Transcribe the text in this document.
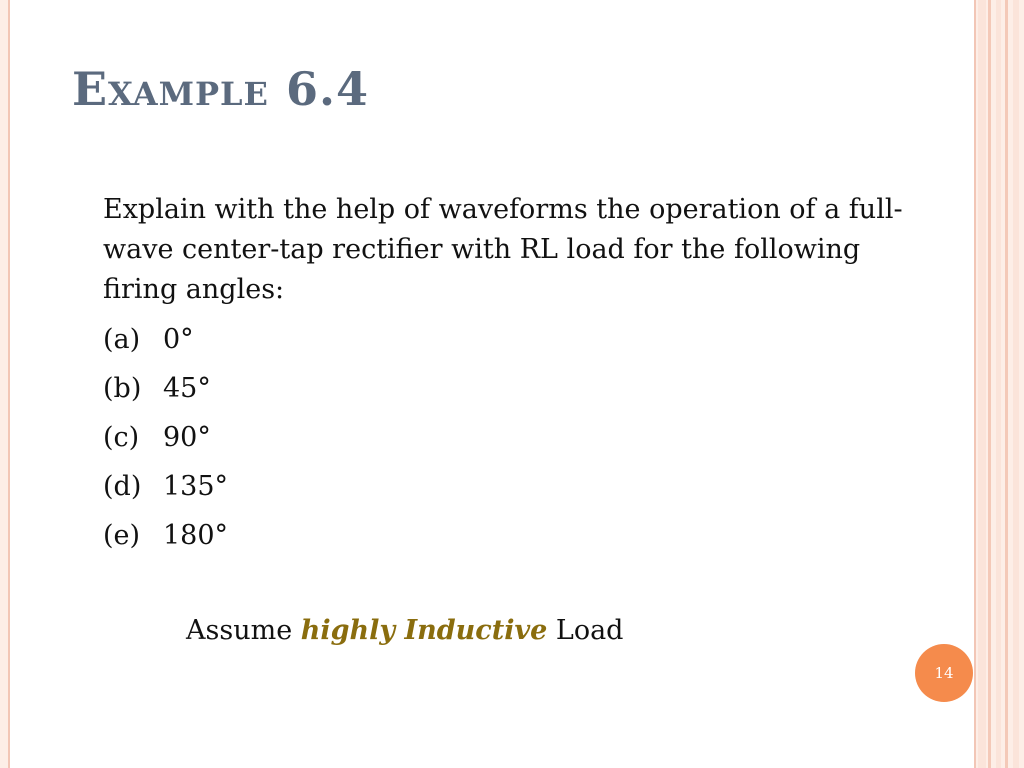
Example 6.4
Explain with the help of waveforms the operation of a full-wave center-tap rectifier with RL load for the following firing angles:
(a) 0°
(b) 45°
(c) 90°
(d) 135°
(e) 180°
Assume highly Inductive Load
14
